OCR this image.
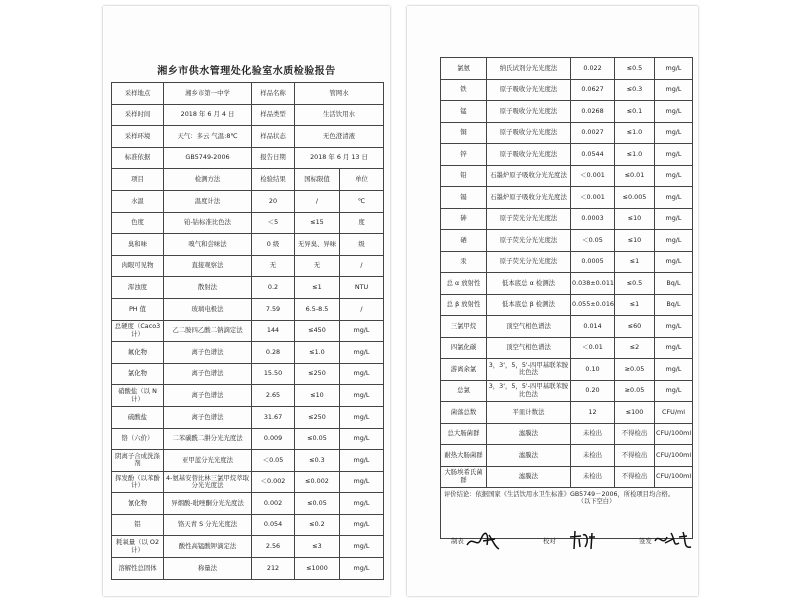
湘乡市供水管理处化验室水质检验报告
采样地点	湘乡市第一中学	样品名称	管网水	
采样时间	2018 年 6 月 4 日	样品类型	生活饮用水	
采样环境	天气：多云 气温:8℃	样品状态	无色澄清液	
标准依据	GB5749-2006	报告日期	2018 年 6 月 13 日	
项目	检测方法	检验结果	国标限值	单位
水温	温度计法	20	/	℃
色度	铂-钴标准比色法	＜5	≤15	度
臭和味	嗅气和尝味法	0 级	无异臭、异味	级
肉眼可见物	直接观察法	无	无	/
浑浊度	散射法	0.2	≤1	NTU
PH 值	玻璃电极法	7.59	6.5-8.5	/
总硬度（Caco3 计）	乙二胺四乙酸二钠滴定法	144	≤450	mg/L
氟化物	离子色谱法	0.28	≤1.0	mg/L
氯化物	离子色谱法	15.50	≤250	mg/L
硝酸盐（以 N 计）	离子色谱法	2.65	≤10	mg/L
硫酸盐	离子色谱法	31.67	≤250	mg/L
铬（六价）	二苯碳酰二肼分光光度法	0.009	≤0.05	mg/L
阴离子合成洗涤剂	亚甲蓝分光光度法	＜0.05	≤0.3	mg/L
挥发酚（以苯酚计）	4-氨基安替比林三氯甲烷萃取分光光度法	＜0.002	≤0.002	mg/L
氰化物	异烟酸-吡唑酮分光光度法	0.002	≤0.05	mg/L
铝	铬天青 S 分光光度法	0.054	≤0.2	mg/L
耗氧量（以 O2 计）	酸性高锰酸钾滴定法	2.56	≤3	mg/L
溶解性总固体	称量法	212	≤1000	mg/L
氯氨	纳氏试剂分光光度法	0.022	≤0.5	mg/L
铁	原子吸收分光光度法	0.0627	≤0.3	mg/L
锰	原子吸收分光光度法	0.0268	≤0.1	mg/L
铜	原子吸收分光光度法	0.0027	≤1.0	mg/L
锌	原子吸收分光光度法	0.0544	≤1.0	mg/L
铅	石墨炉原子吸收分光光度法	＜0.001	≤0.01	mg/L
镉	石墨炉原子吸收分光光度法	＜0.001	≤0.005	mg/L
砷	原子荧光分光光度法	0.0003	≤10	mg/L
硒	原子荧光分光光度法	＜0.05	≤10	mg/L
汞	原子荧光分光光度法	0.0005	≤1	mg/L
总 α 放射性	低本底总 α 检测法	0.038±0.011	≤0.5	Bq/L
总 β 放射性	低本底总 β 检测法	0.055±0.016	≤1	Bq/L
三氯甲烷	顶空气相色谱法	0.014	≤60	mg/L
四氯化碳	顶空气相色谱法	＜0.01	≤2	mg/L
游离余氯	3，3'，5，5'-四甲基联苯胺比色法	0.10	≥0.05	mg/L
总氯	3，3'，5，5'-四甲基联苯胺比色法	0.20	≥0.05	mg/L
菌落总数	平皿计数法	12	≤100	CFU/ml
总大肠菌群	滤膜法	未检出	不得检出	CFU/100ml
耐热大肠菌群	滤膜法	未检出	不得检出	CFU/100ml
大肠埃希氏菌群	滤膜法	未检出	不得检出	CFU/100ml
评价结论：依据国家《生活饮用水卫生标准》GB5749－2006，所检项目均合格。
（以下空白）				
制表	校对	签发
